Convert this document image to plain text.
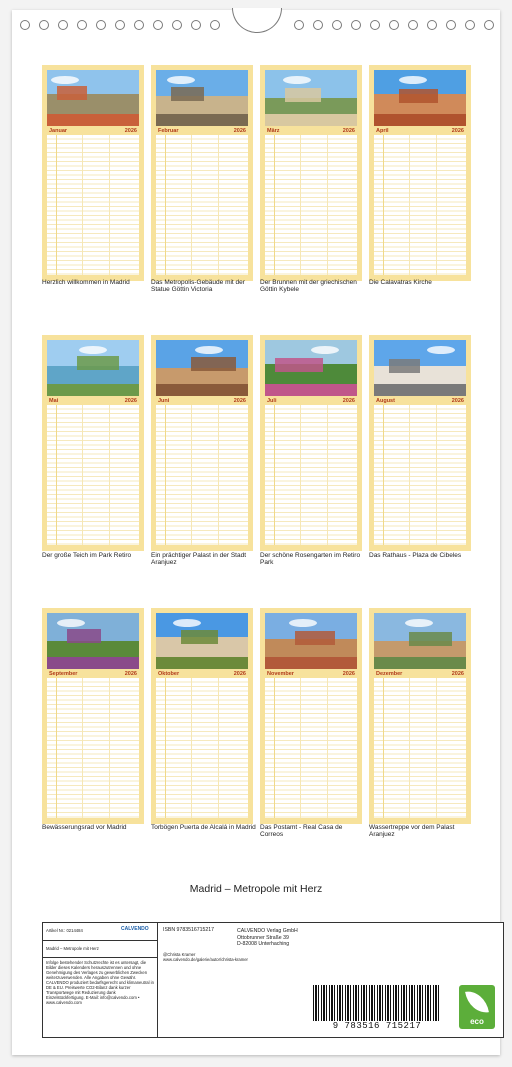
Januar	2026
Herzlich willkommen in Madrid
Februar	2026
Das Metropolis-Gebäude mit der Statue Göttin Victoria
März	2026
Der Brunnen mit der griechischen Göttin Kybele
April	2026
Die Calavatras Kirche
Mai	2026
Der große Teich im Park Retiro
Juni	2026
Ein prächtiger Palast in der Stadt Aranjuez
Juli	2026
Der schöne Rosengarten im Retiro Park
August	2026
Das Rathaus - Plaza de Cibeles
September	2026
Bewässerungsrad vor Madrid
Oktober	2026
Torbögen Puerta de Alcalá in Madrid
November	2026
Das Postamt - Real Casa de Correos
Dezember	2026
Wassertreppe vor dem Palast Aranjuez
Madrid – Metropole mit Herz
Artikel Nr.: 0214484	CALVENDO
Madrid – Metropole mit Herz
Infolge bestehender Schutzrechte ist es untersagt, die Bilder dieses Kalenders herauszutrennen und ohne Genehmigung des Verlages zu gewerblichen Zwecken weiterzuverwenden. Alle Angaben ohne Gewähr. CALVENDO produziert bedarfsgerecht und klimaneutral in DE & EU. Preiswerte CO2-Bilanz dank kurzer Transportwege mit Reduzierung dank Einzelstückfertigung. E-Mail: info@calvendo.com • www.calvendo.com
ISBN 9783516715217
@Christa Kramer
www.calvendo.de/galerie/autor/christa-kramer
CALVENDO Verlag GmbH
Ottobrunner Straße 39
D-82008 Unterhaching
9 783516 715217	eco
